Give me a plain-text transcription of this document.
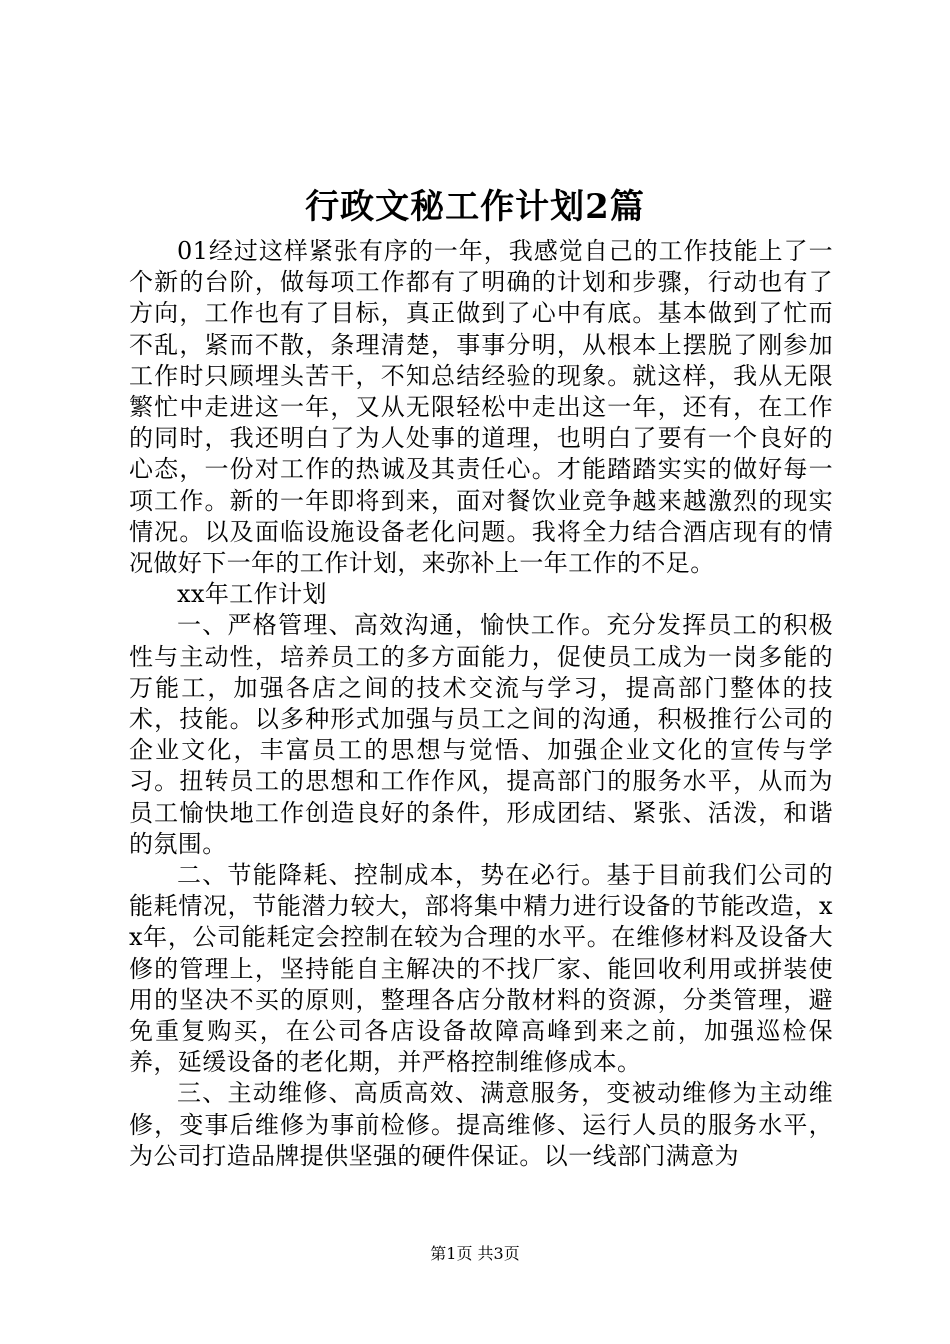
行政文秘工作计划2篇

01经过这样紧张有序的一年，我感觉自己的工作技能上了一个新的台阶，做每项工作都有了明确的计划和步骤，行动也有了方向，工作也有了目标，真正做到了心中有底。基本做到了忙而不乱，紧而不散，条理清楚，事事分明，从根本上摆脱了刚参加工作时只顾埋头苦干，不知总结经验的现象。就这样，我从无限繁忙中走进这一年，又从无限轻松中走出这一年，还有，在工作的同时，我还明白了为人处事的道理，也明白了要有一个良好的心态，一份对工作的热诚及其责任心。才能踏踏实实的做好每一项工作。新的一年即将到来，面对餐饮业竞争越来越激烈的现实情况。以及面临设施设备老化问题。我将全力结合酒店现有的情况做好下一年的工作计划，来弥补上一年工作的不足。

xx年工作计划

一、严格管理、高效沟通，愉快工作。充分发挥员工的积极性与主动性，培养员工的多方面能力，促使员工成为一岗多能的万能工，加强各店之间的技术交流与学习，提高部门整体的技术，技能。以多种形式加强与员工之间的沟通，积极推行公司的企业文化，丰富员工的思想与觉悟、加强企业文化的宣传与学习。扭转员工的思想和工作作风，提高部门的服务水平，从而为员工愉快地工作创造良好的条件，形成团结、紧张、活泼，和谐的氛围。

二、节能降耗、控制成本，势在必行。基于目前我们公司的能耗情况，节能潜力较大，部将集中精力进行设备的节能改造，xx年，公司能耗定会控制在较为合理的水平。在维修材料及设备大修的管理上，坚持能自主解决的不找厂家、能回收利用或拼装使用的坚决不买的原则，整理各店分散材料的资源，分类管理，避免重复购买，在公司各店设备故障高峰到来之前，加强巡检保养，延缓设备的老化期，并严格控制维修成本。

三、主动维修、高质高效、满意服务，变被动维修为主动维修，变事后维修为事前检修。提高维修、运行人员的服务水平，为公司打造品牌提供坚强的硬件保证。以一线部门满意为

第1页 共3页
